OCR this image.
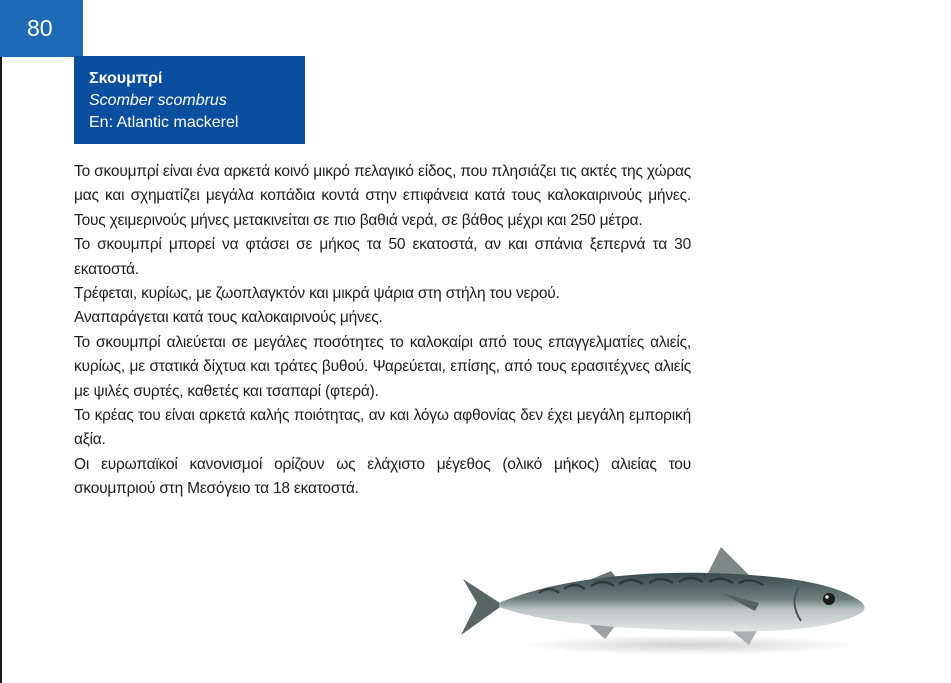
80
Σκουμπρί
Scomber scombrus
En: Atlantic mackerel

Το σκουμπρί είναι ένα αρκετά κοινό μικρό πελαγικό είδος, που πλησιάζει τις ακτές της χώρας μας και σχηματίζει μεγάλα κοπάδια κοντά στην επιφάνεια κατά τους καλοκαιρινούς μήνες. Τους χειμερινούς μήνες μετακινείται σε πιο βαθιά νερά, σε βάθος μέχρι και 250 μέτρα.

Το σκουμπρί μπορεί να φτάσει σε μήκος τα 50 εκατοστά, αν και σπάνια ξεπερνά τα 30 εκατοστά.

Τρέφεται, κυρίως, με ζωοπλαγκτόν και μικρά ψάρια στη στήλη του νερού.

Αναπαράγεται κατά τους καλοκαιρινούς μήνες.

Το σκουμπρί αλιεύεται σε μεγάλες ποσότητες το καλοκαίρι από τους επαγγελματίες αλιείς, κυρίως, με στατικά δίχτυα και τράτες βυθού. Ψαρεύεται, επίσης, από τους ερασιτέχνες αλιείς με ψιλές συρτές, καθετές και τσαπαρί (φτερά).

Το κρέας του είναι αρκετά καλής ποιότητας, αν και λόγω αφθονίας δεν έχει μεγάλη εμπορική αξία.

Οι ευρωπαϊκοί κανονισμοί ορίζουν ως ελάχιστο μέγεθος (ολικό μήκος) αλιείας του σκουμπριού στη Μεσόγειο τα 18 εκατοστά.
